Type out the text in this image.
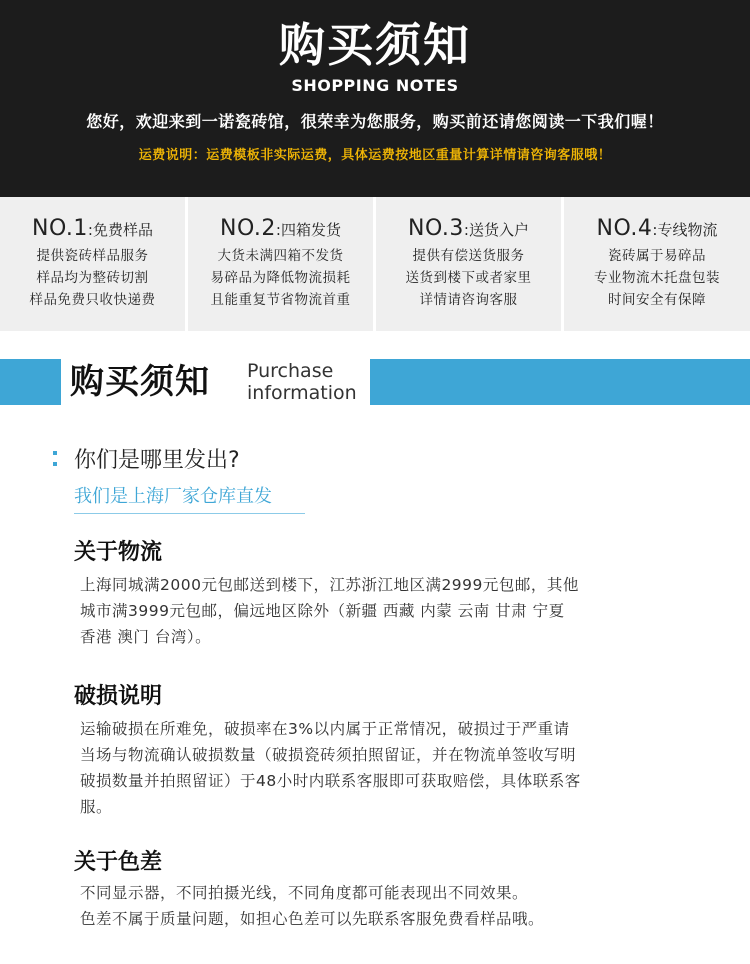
购买须知
SHOPPING NOTES
您好，欢迎来到一诺瓷砖馆，很荣幸为您服务，购买前还请您阅读一下我们喔！
运费说明：运费模板非实际运费，具体运费按地区重量计算详情请咨询客服哦！
NO.1:免费样品
提供瓷砖样品服务
样品均为整砖切割
样品免费只收快递费
NO.2:四箱发货
大货未满四箱不发货
易碎品为降低物流损耗
且能重复节省物流首重
NO.3:送货入户
提供有偿送货服务
送货到楼下或者家里
详情请咨询客服
NO.4:专线物流
瓷砖属于易碎品
专业物流木托盘包装
时间安全有保障
购买须知 Purchase
information
你们是哪里发出?
我们是上海厂家仓库直发
关于物流
上海同城满2000元包邮送到楼下，江苏浙江地区满2999元包邮，其他
城市满3999元包邮，偏远地区除外（新疆 西藏 内蒙 云南 甘肃 宁夏
香港 澳门 台湾）。
破损说明
运输破损在所难免，破损率在3%以内属于正常情况，破损过于严重请
当场与物流确认破损数量（破损瓷砖须拍照留证，并在物流单签收写明
破损数量并拍照留证）于48小时内联系客服即可获取赔偿，具体联系客
服。
关于色差
不同显示器，不同拍摄光线，不同角度都可能表现出不同效果。
色差不属于质量问题，如担心色差可以先联系客服免费看样品哦。
